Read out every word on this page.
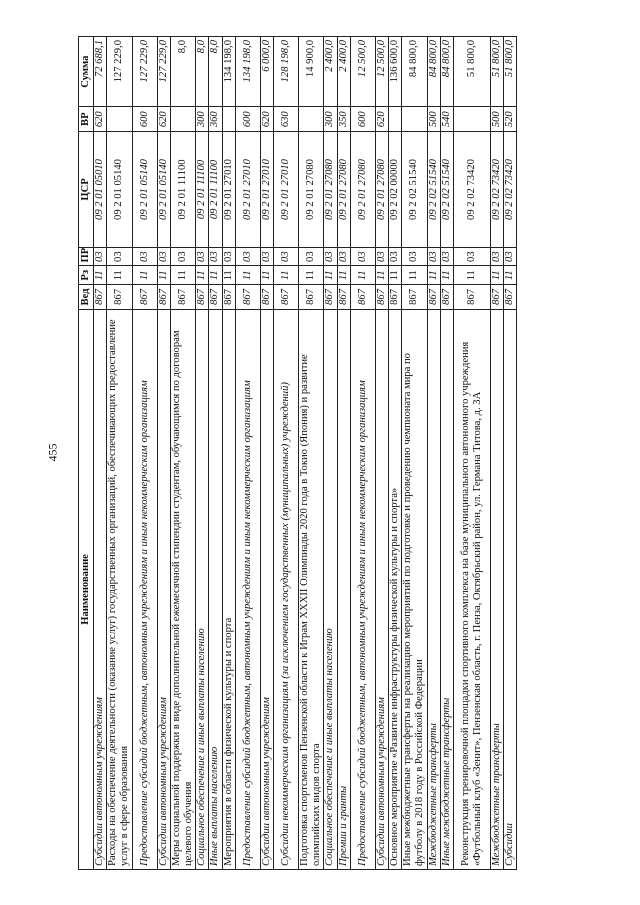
455
Наименование	Вед	Рз	ПР	ЦСР	ВР	Сумма
Субсидии автономным учреждениям	867	11	03	09 2 01 05010	620	72 688,1
Расходы на обеспечение деятельности (оказание услуг) государственных организаций, обеспечивающих предоставление услуг в сфере образования	867	11	03	09 2 01 05140		127 229,0
Предоставление субсидий бюджетным, автономным учреждениям и иным некоммерческим организациям	867	11	03	09 2 01 05140	600	127 229,0
Субсидии автономным учреждениям	867	11	03	09 2 01 05140	620	127 229,0
Меры социальной поддержки в виде дополнительной ежемесячной стипендии студентам, обучающимся по договорам целевого обучения	867	11	03	09 2 01 11100		8,0
Социальное обеспечение и иные выплаты населению	867	11	03	09 2 01 11100	300	8,0
Иные выплаты населению	867	11	03	09 2 01 11100	360	8,0
Мероприятия в области физической культуры и спорта	867	11	03	09 2 01 27010		134 198,0
Предоставление субсидий бюджетным, автономным учреждениям и иным некоммерческим организациям	867	11	03	09 2 01 27010	600	134 198,0
Субсидии автономным учреждениям	867	11	03	09 2 01 27010	620	6 000,0
Субсидии некоммерческим организациям (за исключением государственных (муниципальных) учреждений)	867	11	03	09 2 01 27010	630	128 198,0
Подготовка спортсменов Пензенской области к Играм XXXII Олимпиады 2020 года в Токио (Япония) и развитие олимпийских видов спорта	867	11	03	09 2 01 27080		14 900,0
Социальное обеспечение и иные выплаты населению	867	11	03	09 2 01 27080	300	2 400,0
Премии и гранты	867	11	03	09 2 01 27080	350	2 400,0
Предоставление субсидий бюджетным, автономным учреждениям и иным некоммерческим организациям	867	11	03	09 2 01 27080	600	12 500,0
Субсидии автономным учреждениям	867	11	03	09 2 01 27080	620	12 500,0
Основное мероприятие «Развитие инфраструктуры физической культуры и спорта»	867	11	03	09 2 02 00000		136 600,0
Иные межбюджетные трансферты на реализацию мероприятий по подготовке и проведению чемпионата мира по футболу в 2018 году в Российской Федерации	867	11	03	09 2 02 51540		84 800,0
Межбюджетные трансферты	867	11	03	09 2 02 51540	500	84 800,0
Иные межбюджетные трансферты	867	11	03	09 2 02 51540	540	84 800,0
Реконструкция тренировочной площадки спортивного комплекса на базе муниципального автономного учреждения «Футбольный клуб «Зенит», Пензенская область, г. Пенза, Октябрьский район, ул. Германа Титова, д. 3А	867	11	03	09 2 02 73420		51 800,0
Межбюджетные трансферты	867	11	03	09 2 02 73420	500	51 800,0
Субсидии	867	11	03	09 2 02 73420	520	51 800,0
